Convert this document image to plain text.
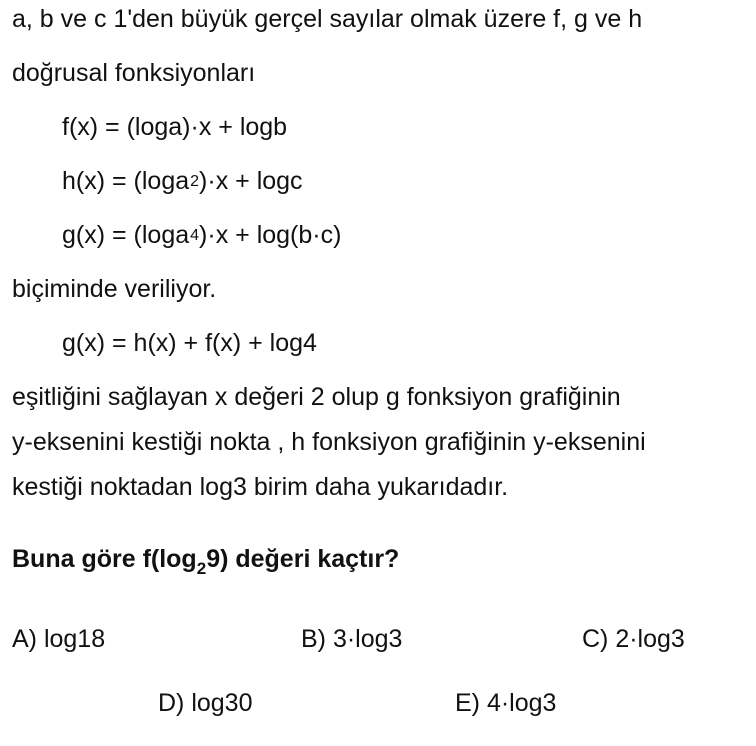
a, b ve c 1'den büyük gerçel sayılar olmak üzere f, g ve h
doğrusal fonksiyonları
f(x) = (loga)·x + logb
h(x) = (loga$^2$)·x + logc
g(x) = (loga$^4$)·x + log(b·c)
biçiminde veriliyor.
g(x) = h(x) + f(x) + log4
eşitliğini sağlayan x değeri 2 olup g fonksiyon grafiğinin
y-eksenini kestiği nokta , h fonksiyon grafiğinin y-eksenini
kestiği noktadan log3 birim daha yukarıdadır.
Buna göre $f(\log_29)$ değeri kaçtır?
A) log18	B) 3·log3	C) 2·log3
D) log30	E) 4·log3
